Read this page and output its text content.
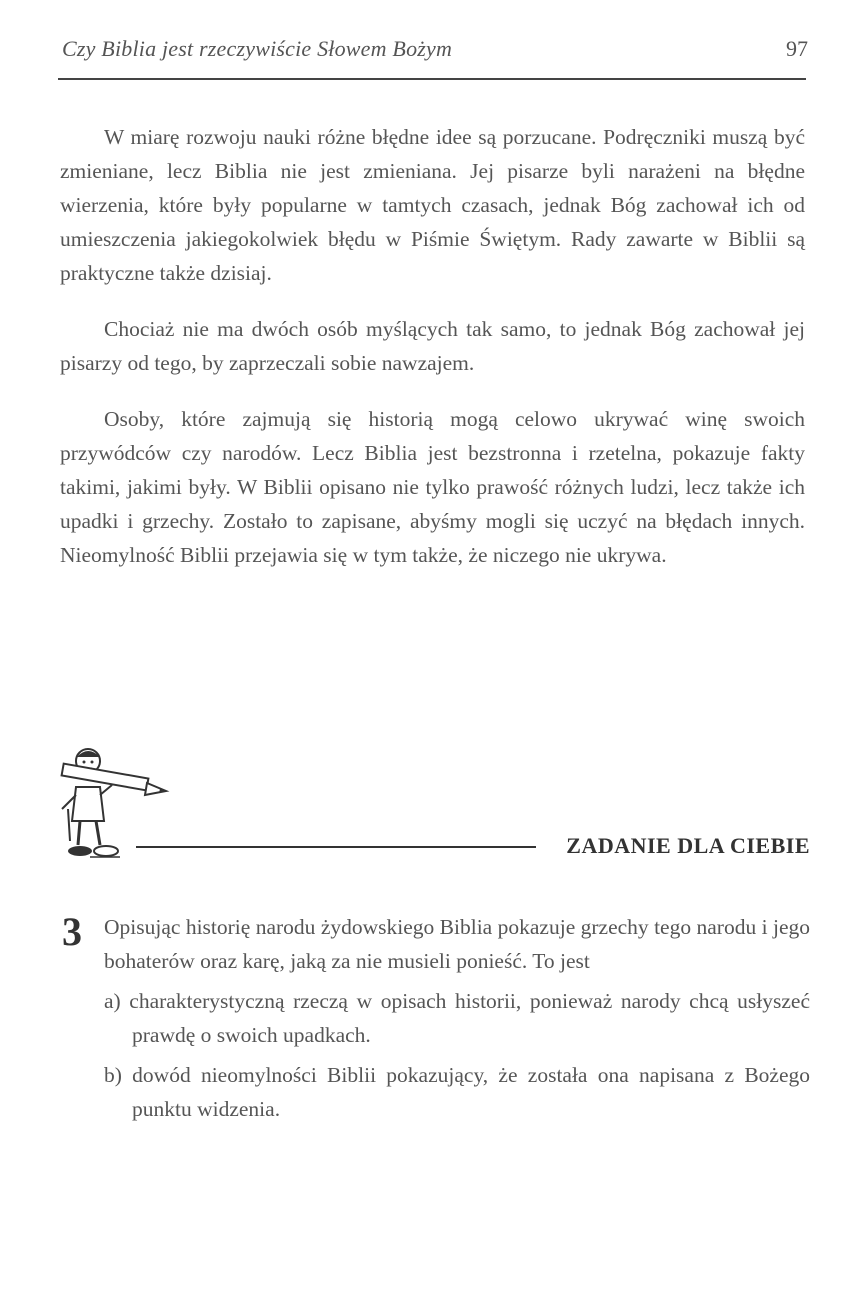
Czy Biblia jest rzeczywiście Słowem Bożym	97

W miarę rozwoju nauki różne błędne idee są porzucane. Podręczniki muszą być zmieniane, lecz Biblia nie jest zmieniana. Jej pisarze byli narażeni na błędne wierzenia, które były popularne w tamtych czasach, jednak Bóg zachował ich od umieszczenia jakiegokolwiek błędu w Piśmie Świętym. Rady zawarte w Biblii są praktyczne także dzisiaj.

Chociaż nie ma dwóch osób myślących tak samo, to jednak Bóg zachował jej pisarzy od tego, by zaprzeczali sobie nawzajem.

Osoby, które zajmują się historią mogą celowo ukrywać winę swoich przywódców czy narodów. Lecz Biblia jest bezstronna i rzetelna, pokazuje fakty takimi, jakimi były. W Biblii opisano nie tylko prawość różnych ludzi, lecz także ich upadki i grzechy. Zostało to zapisane, abyśmy mogli się uczyć na błędach innych. Nieomylność Biblii przejawia się w tym także, że niczego nie ukrywa.

ZADANIE DLA CIEBIE
3 Opisując historię narodu żydowskiego Biblia pokazuje grzechy tego narodu i jego bohaterów oraz karę, jaką za nie musieli ponieść. To jest

a) charakterystyczną rzeczą w opisach historii, ponieważ narody chcą usłyszeć prawdę o swoich upadkach.

b) dowód nieomylności Biblii pokazujący, że została ona napisana z Bożego punktu widzenia.
